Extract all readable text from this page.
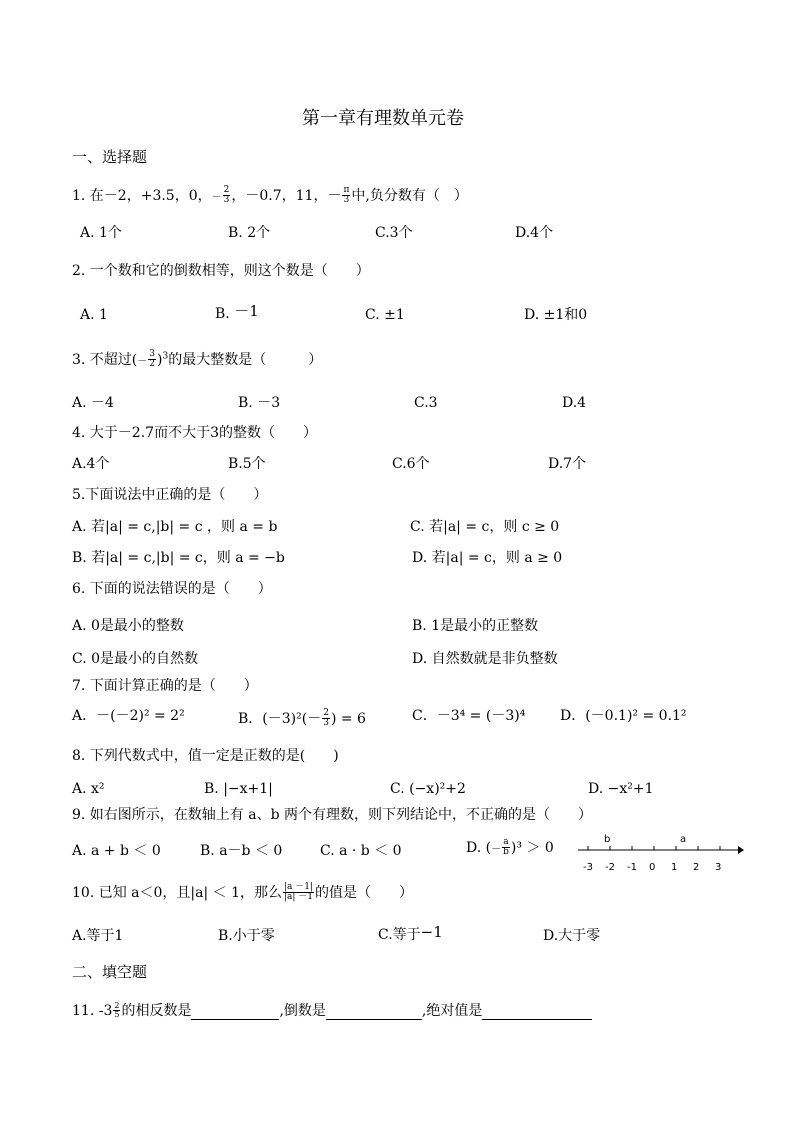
第一章有理数单元卷
一、选择题
1. 在－2，+3.5，0，－ $\frac{2}{3}$ ，－0.7，11，－ $\frac{\pi}{3}$ 中,负分数有（　）
A. 1个	B. 2个	C.3个	D.4个
2. 一个数和它的倒数相等，则这个数是（　　）
A. 1	B. －1	C. ±1	D. ±1和0
3. 不超过(－ $\frac{3}{2} )^3$的最大整数是（　　　）
A. －4	B. －3	C.3	D.4
4. 大于－2.7而不大于3的整数（　　）
A.4个	B.5个	C.6个	D.7个
5.下面说法中正确的是（　　）
A. 若|a| = c,|b| = c ，则 a = b	C. 若|a| = c，则 c ≥ 0
B. 若|a| = c,|b| = c，则 a = −b	D. 若|a| = c，则 a ≥ 0
6. 下面的说法错误的是（　　）
A. 0是最小的整数	B. 1是最小的正整数
C. 0是最小的自然数	D. 自然数就是非负整数
7. 下面计算正确的是（　　）
A．－(－2)² = 2²	B．$(-3)^2(- \frac{2}{3}$ ) = 6	C．－3⁴ = (－3)⁴ D．(－0.1)² = 0.1²
8. 下列代数式中，值一定是正数的是(　　)
A. x²	B. |−x+1|	C. (−x)²+2	D. −x²+1
9. 如右图所示，在数轴上有 a、b 两个有理数，则下列结论中，不正确的是（　　）
A. a + b ＜ 0	B. a－b ＜ 0	C. a · b ＜ 0	D. (－ $\frac{a}{b} )^3 > 0$
b	a
-3 -2 -1 0 1 2 3
10. 已知 a＜0，且|a| ＜ 1，那么 $\frac{|a -1|}{|a| -1}$ 的值是（　　）
A.等于1	B.小于零	C.等于−1	D.大于零
二、填空题
11. $-3 \frac{2}{5}$ 的相反数是	,倒数是	,绝对值是
